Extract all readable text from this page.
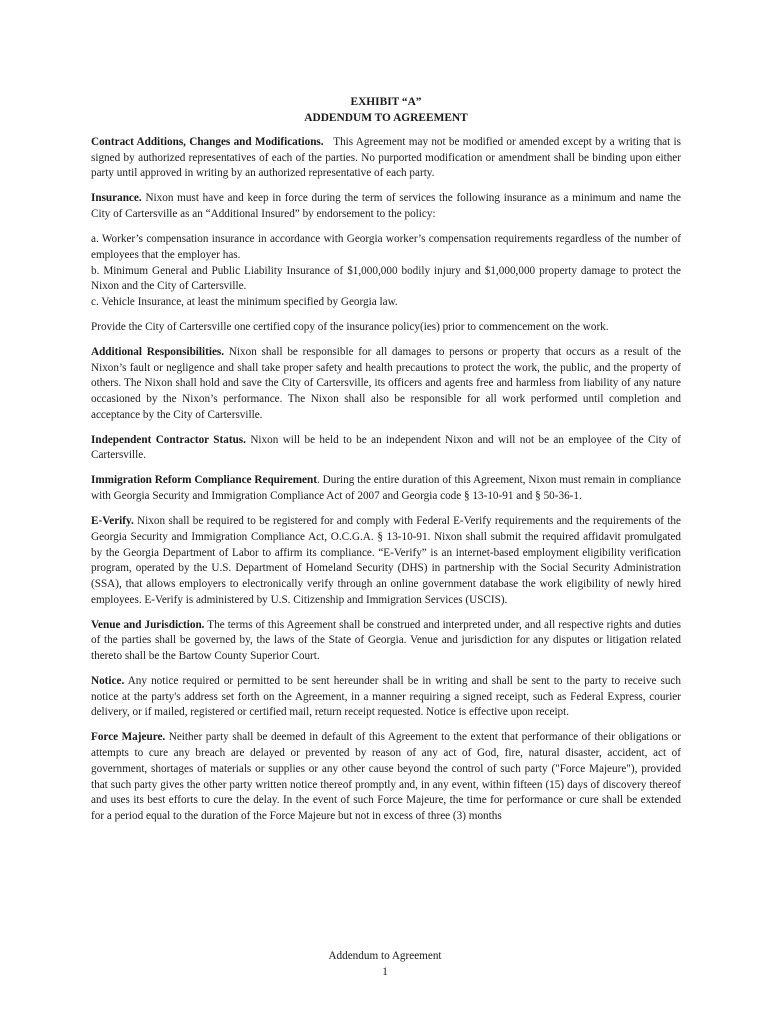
EXHIBIT “A”
ADDENDUM TO AGREEMENT

Contract Additions, Changes and Modifications. This Agreement may not be modified or amended except by a writing that is signed by authorized representatives of each of the parties. No purported modification or amendment shall be binding upon either party until approved in writing by an authorized representative of each party.

Insurance. Nixon must have and keep in force during the term of services the following insurance as a minimum and name the City of Cartersville as an “Additional Insured” by endorsement to the policy:

a. Worker’s compensation insurance in accordance with Georgia worker’s compensation requirements regardless of the number of employees that the employer has.

b. Minimum General and Public Liability Insurance of $1,000,000 bodily injury and $1,000,000 property damage to protect the Nixon and the City of Cartersville.

c. Vehicle Insurance, at least the minimum specified by Georgia law.

Provide the City of Cartersville one certified copy of the insurance policy(ies) prior to commencement on the work.

Additional Responsibilities. Nixon shall be responsible for all damages to persons or property that occurs as a result of the Nixon’s fault or negligence and shall take proper safety and health precautions to protect the work, the public, and the property of others. The Nixon shall hold and save the City of Cartersville, its officers and agents free and harmless from liability of any nature occasioned by the Nixon’s performance. The Nixon shall also be responsible for all work performed until completion and acceptance by the City of Cartersville.

Independent Contractor Status. Nixon will be held to be an independent Nixon and will not be an employee of the City of Cartersville.

Immigration Reform Compliance Requirement. During the entire duration of this Agreement, Nixon must remain in compliance with Georgia Security and Immigration Compliance Act of 2007 and Georgia code § 13-10-91 and § 50-36-1.

E-Verify. Nixon shall be required to be registered for and comply with Federal E-Verify requirements and the requirements of the Georgia Security and Immigration Compliance Act, O.C.G.A. § 13-10-91. Nixon shall submit the required affidavit promulgated by the Georgia Department of Labor to affirm its compliance. “E-Verify” is an internet-based employment eligibility verification program, operated by the U.S. Department of Homeland Security (DHS) in partnership with the Social Security Administration (SSA), that allows employers to electronically verify through an online government database the work eligibility of newly hired employees. E-Verify is administered by U.S. Citizenship and Immigration Services (USCIS).

Venue and Jurisdiction. The terms of this Agreement shall be construed and interpreted under, and all respective rights and duties of the parties shall be governed by, the laws of the State of Georgia. Venue and jurisdiction for any disputes or litigation related thereto shall be the Bartow County Superior Court.

Notice. Any notice required or permitted to be sent hereunder shall be in writing and shall be sent to the party to receive such notice at the party's address set forth on the Agreement, in a manner requiring a signed receipt, such as Federal Express, courier delivery, or if mailed, registered or certified mail, return receipt requested. Notice is effective upon receipt.

Force Majeure. Neither party shall be deemed in default of this Agreement to the extent that performance of their obligations or attempts to cure any breach are delayed or prevented by reason of any act of God, fire, natural disaster, accident, act of government, shortages of materials or supplies or any other cause beyond the control of such party ("Force Majeure"), provided that such party gives the other party written notice thereof promptly and, in any event, within fifteen (15) days of discovery thereof and uses its best efforts to cure the delay. In the event of such Force Majeure, the time for performance or cure shall be extended for a period equal to the duration of the Force Majeure but not in excess of three (3) months

Addendum to Agreement
1
